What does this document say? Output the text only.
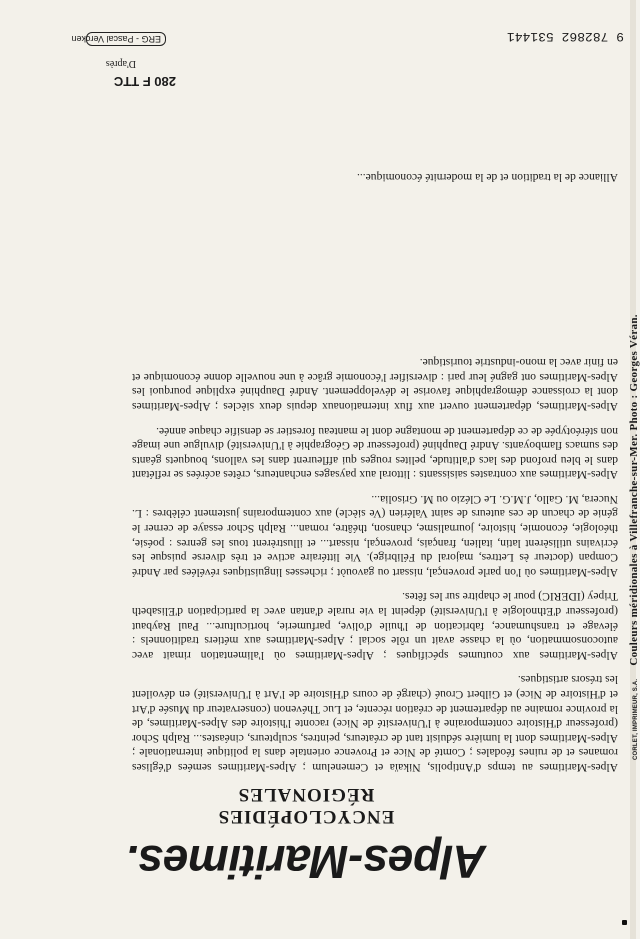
Alpes-Maritimes.
ENCYCLOPÉDIES
RÉGIONALES

Alpes-Maritimes au temps d'Antipolis, Nikaïa et Cemenelum ; Alpes-Maritimes semées d'églises romanes et de ruines féodales ; Comté de Nice et Provence orientale dans la politique internationale ; Alpes-Maritimes dont la lumière séduisit tant de créateurs, peintres, sculpteurs, cinéastes... Ralph Schor (professeur d'Histoire contemporaine à l'Université de Nice) raconte l'histoire des Alpes-Maritimes, de la province romaine au département de création récente, et Luc Thévenon (conservateur du Musée d'Art et d'Histoire de Nice) et Gilbert Croué (chargé de cours d'Histoire de l'Art à l'Université) en dévoilent les trésors artistiques.

Alpes-Maritimes aux coutumes spécifiques ; Alpes-Maritimes où l'alimentation rimait avec autoconsommation, où la chasse avait un rôle social ; Alpes-Maritimes aux métiers traditionnels : élevage et transhumance, fabrication de l'huile d'olive, parfumerie, horticulture... Paul Raybaut (professeur d'Ethnologie à l'Université) dépeint la vie rurale d'antan avec la participation d'Elisabeth Tripey (IDERIC) pour le chapitre sur les fêtes.

Alpes-Maritimes où l'on parle provençal, nissart ou gavouòt ; richesses linguistiques révélées par André Compan (docteur ès Lettres, majoral du Félibrige). Vie littéraire active et très diverse puisque les écrivains utilisèrent latin, italien, français, provençal, nissart... et illustrèrent tous les genres : poésie, théologie, économie, histoire, journalisme, chanson, théâtre, roman... Ralph Schor essaye de cerner le génie de chacun de ces auteurs de saint Valérien (Ve siècle) aux contemporains justement célèbres : L. Nucera, M. Gallo, J.M.G. Le Clézio ou M. Grisolia...

Alpes-Maritimes aux contrastes saisissants : littoral aux paysages enchanteurs, crêtes acérées se reflétant dans le bleu profond des lacs d'altitude, pelites rouges qui affleurent dans les vallons, bouquets géants des sumacs flamboyants. André Dauphiné (professeur de Géographie à l'Université) divulgue une image non stéréotypée de ce département de montagne dont le manteau forestier se densifie chaque année.

Alpes-Maritimes, département ouvert aux flux internationaux depuis deux siècles ; Alpes-Maritimes dont la croissance démographique favorise le développement. André Dauphiné explique pourquoi les Alpes-Maritimes ont gagné leur pari : diversifier l'économie grâce à une nouvelle donne économique et en finir avec la mono-industrie touristique.

Alliance de la tradition et de la modernité économique...
280 F TTC
D'après
ERG - Pascal Vercken	9 782862 531441
CORLET, IMPRIMEUR, S.A. Couleurs méridionales à Villefranche-sur-Mer. Photo : Georges Véran.
